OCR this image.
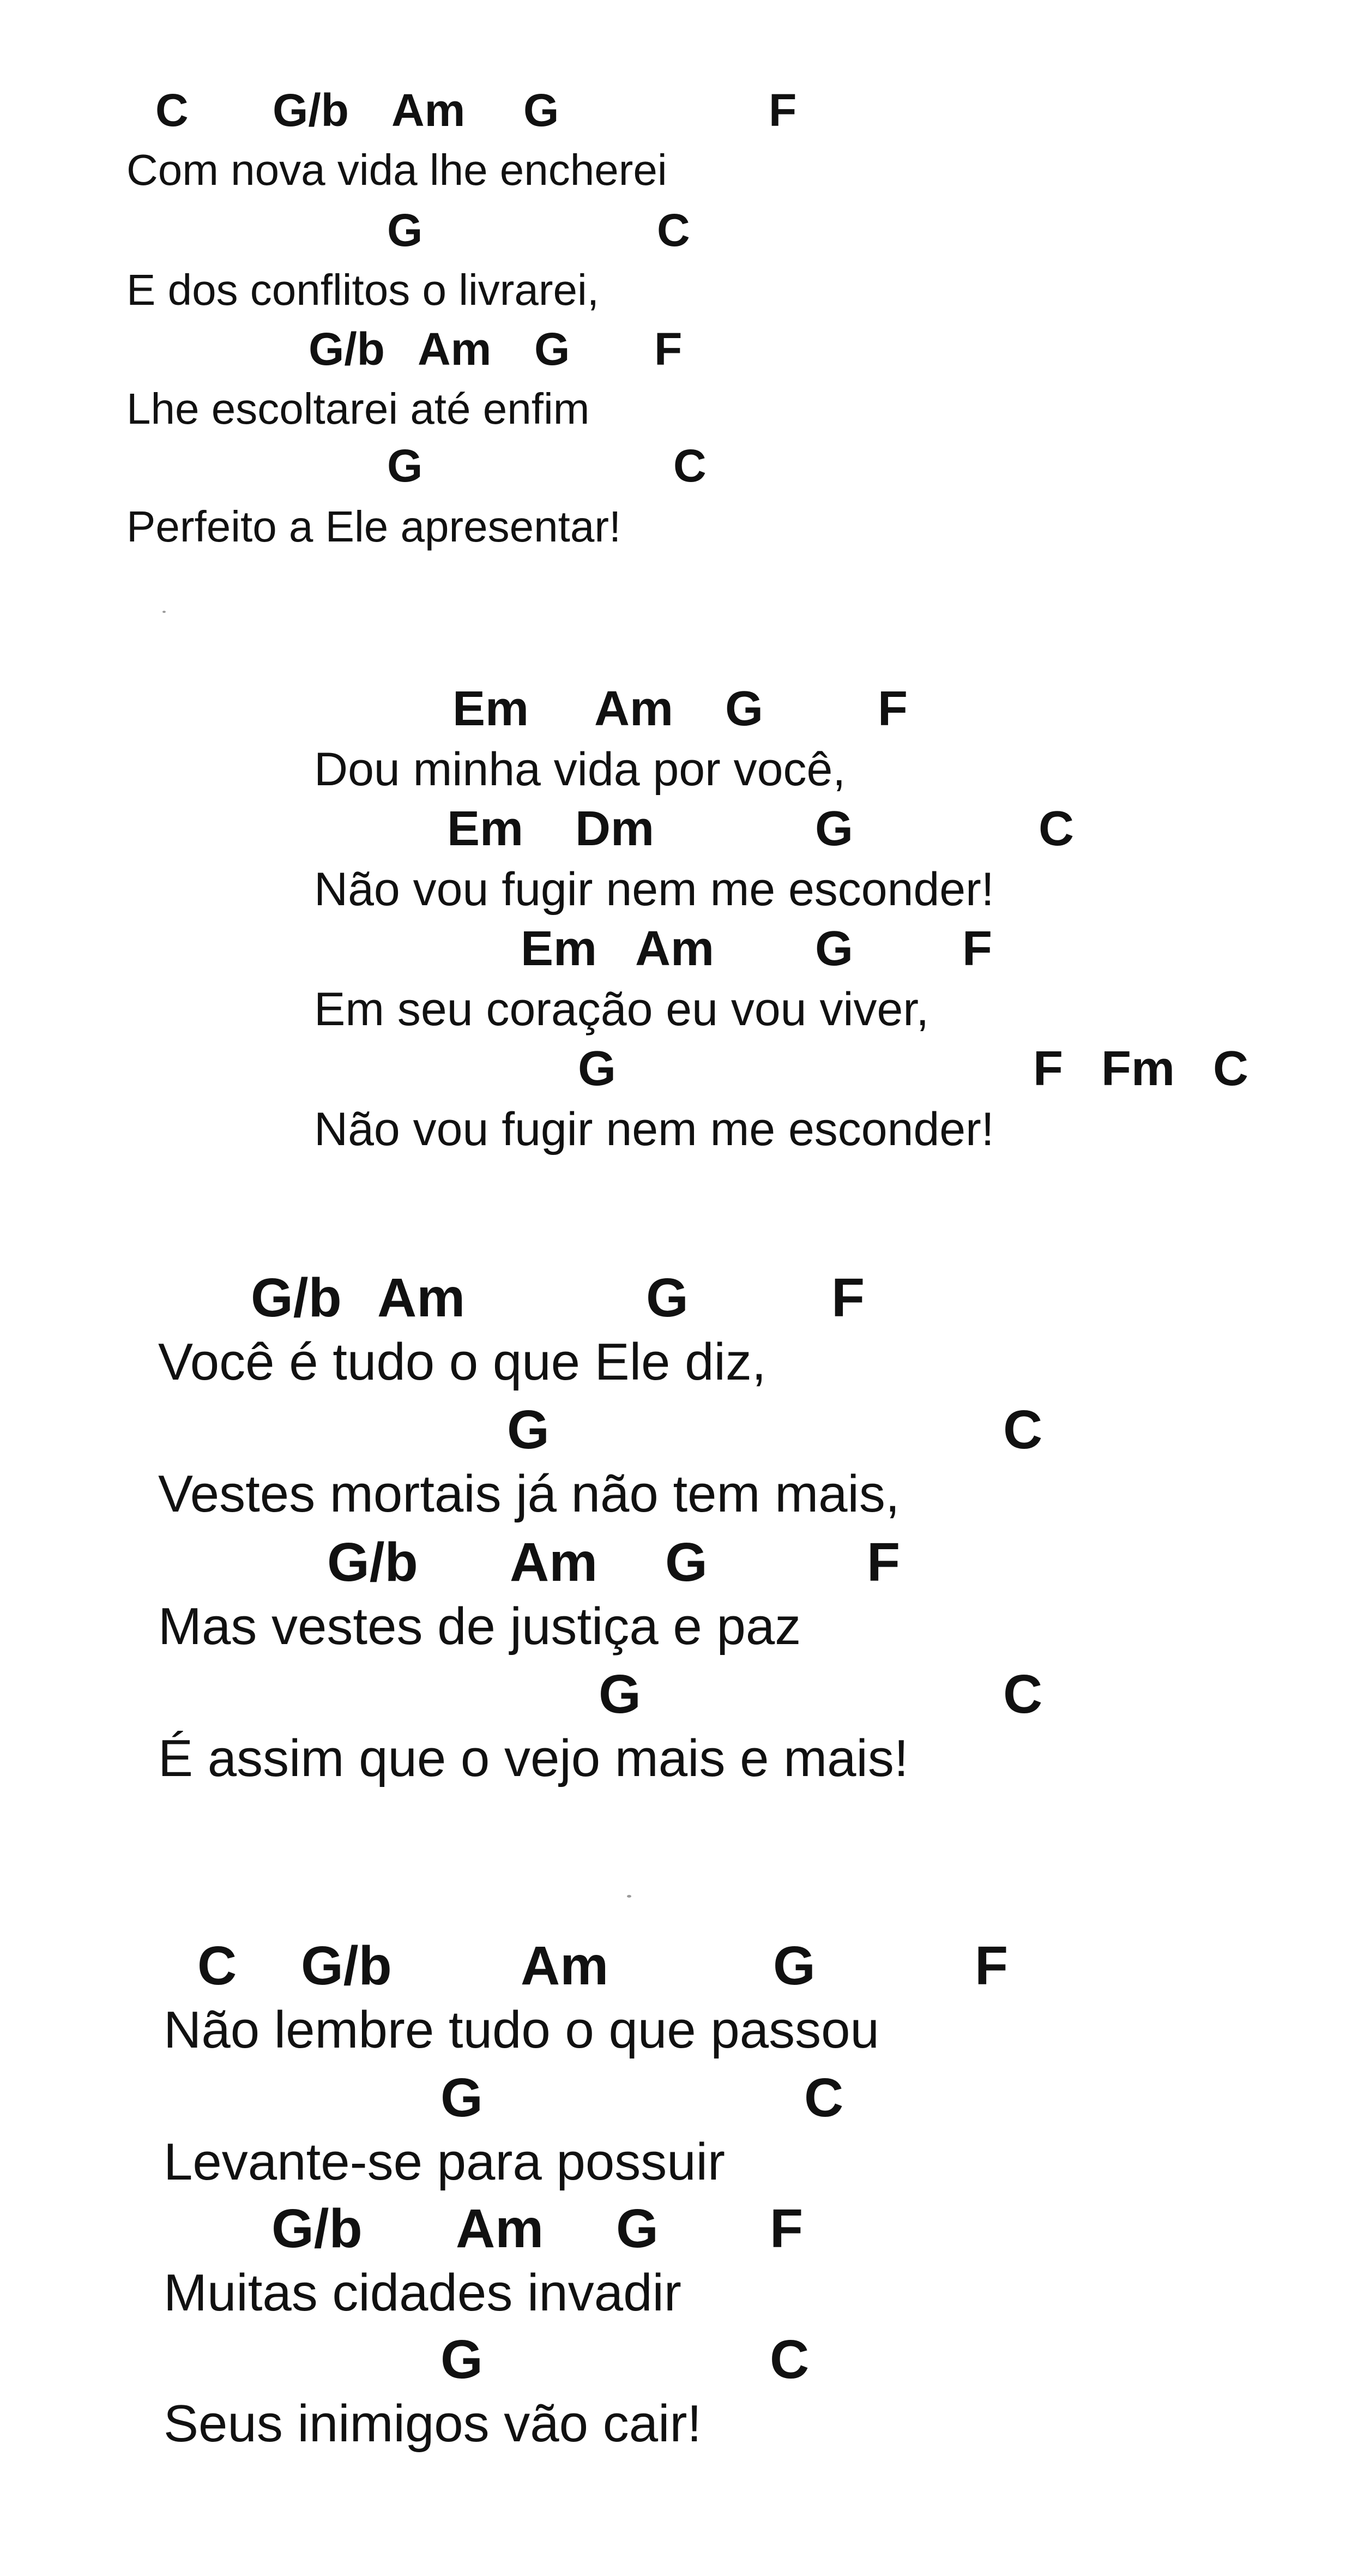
C G/b Am G	F
Com nova vida lhe encherei
G	C
E dos conflitos o livrarei,
G/b Am G F
Lhe escoltarei até enfim
G	C
Perfeito a Ele apresentar!
Em Am G F
Dou minha vida por você,
Em Dm	G	C
Não vou fugir nem me esconder!
Em Am G F
Em seu coração eu vou viver,
G	F Fm C
Não vou fugir nem me esconder!
G/b Am	G	F
Você é tudo o que Ele diz,
G	C
Vestes mortais já não tem mais,
G/b Am G	F
Mas vestes de justiça e paz
G	C
É assim que o vejo mais e mais!
C G/b Am	G	F
Não lembre tudo o que passou
G	C
Levante-se para possuir
G/b Am G F
Muitas cidades invadir
G	C
Seus inimigos vão cair!
